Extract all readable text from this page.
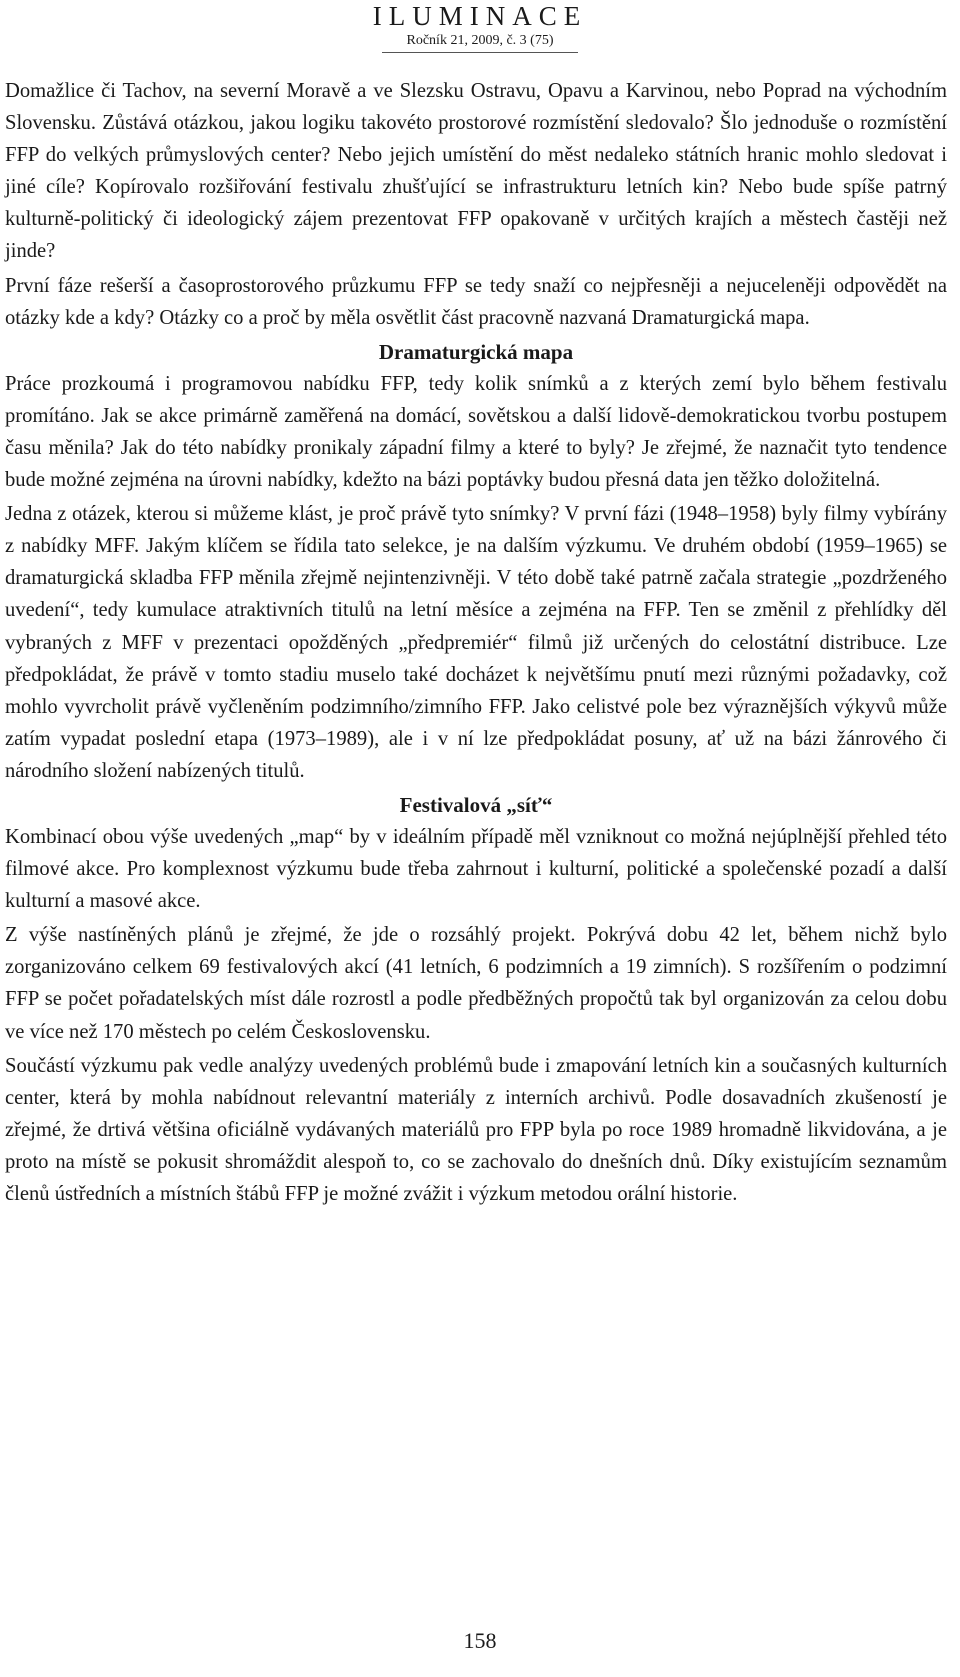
ILUMINACE
Ročník 21, 2009, č. 3 (75)

Domažlice či Tachov, na severní Moravě a ve Slezsku Ostravu, Opavu a Karvinou, nebo Poprad na východním Slovensku. Zůstává otázkou, jakou logiku takovéto prostorové rozmístění sledovalo? Šlo jednoduše o rozmístění FFP do velkých průmyslových center? Nebo jejich umístění do měst nedaleko státních hranic mohlo sledovat i jiné cíle? Kopírovalo rozšiřování festivalu zhušťující se infrastrukturu letních kin? Nebo bude spíše patrný kulturně-politický či ideologický zájem prezentovat FFP opakovaně v určitých krajích a městech častěji než jinde?

První fáze rešerší a časoprostorového průzkumu FFP se tedy snaží co nejpřesněji a nejuceleněji odpovědět na otázky kde a kdy? Otázky co a proč by měla osvětlit část pracovně nazvaná Dramaturgická mapa.

Dramaturgická mapa

Práce prozkoumá i programovou nabídku FFP, tedy kolik snímků a z kterých zemí bylo během festivalu promítáno. Jak se akce primárně zaměřená na domácí, sovětskou a další lidově-demokratickou tvorbu postupem času měnila? Jak do této nabídky pronikaly západní filmy a které to byly? Je zřejmé, že naznačit tyto tendence bude možné zejména na úrovni nabídky, kdežto na bázi poptávky budou přesná data jen těžko doložitelná.

Jedna z otázek, kterou si můžeme klást, je proč právě tyto snímky? V první fázi (1948–1958) byly filmy vybírány z nabídky MFF. Jakým klíčem se řídila tato selekce, je na dalším výzkumu. Ve druhém období (1959–1965) se dramaturgická skladba FFP měnila zřejmě nejintenzivněji. V této době také patrně začala strategie „pozdrženého uvedení“, tedy kumulace atraktivních titulů na letní měsíce a zejména na FFP. Ten se změnil z přehlídky děl vybraných z MFF v prezentaci opožděných „předpremiér“ filmů již určených do celostátní distribuce. Lze předpokládat, že právě v tomto stadiu muselo také docházet k největšímu pnutí mezi různými požadavky, což mohlo vyvrcholit právě vyčleněním podzimního/zimního FFP. Jako celistvé pole bez výraznějších výkyvů může zatím vypadat poslední etapa (1973–1989), ale i v ní lze předpokládat posuny, ať už na bázi žánrového či národního složení nabízených titulů.

Festivalová „síť“

Kombinací obou výše uvedených „map“ by v ideálním případě měl vzniknout co možná nejúplnější přehled této filmové akce. Pro komplexnost výzkumu bude třeba zahrnout i kulturní, politické a společenské pozadí a další kulturní a masové akce.

Z výše nastíněných plánů je zřejmé, že jde o rozsáhlý projekt. Pokrývá dobu 42 let, během nichž bylo zorganizováno celkem 69 festivalových akcí (41 letních, 6 podzimních a 19 zimních). S rozšířením o podzimní FFP se počet pořadatelských míst dále rozrostl a podle předběžných propočtů tak byl organizován za celou dobu ve více než 170 městech po celém Československu.

Součástí výzkumu pak vedle analýzy uvedených problémů bude i zmapování letních kin a současných kulturních center, která by mohla nabídnout relevantní materiály z interních archivů. Podle dosavadních zkušeností je zřejmé, že drtivá většina oficiálně vydávaných materiálů pro FPP byla po roce 1989 hromadně likvidována, a je proto na místě se pokusit shromáždit alespoň to, co se zachovalo do dnešních dnů. Díky existujícím seznamům členů ústředních a místních štábů FFP je možné zvážit i výzkum metodou orální historie.

158
